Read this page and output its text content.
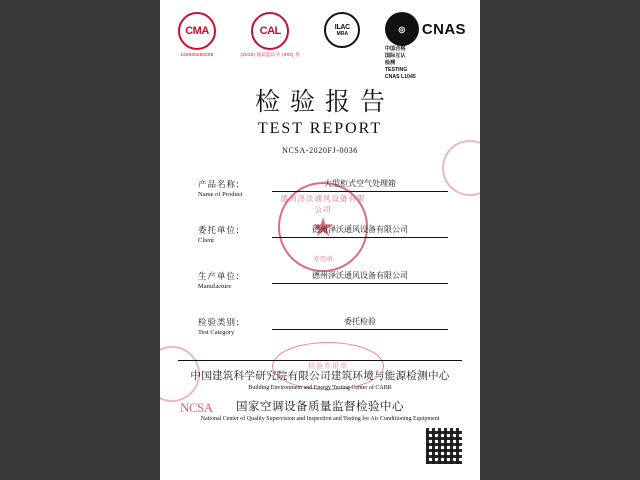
CMA
160008280285
CAL
(2018) 国认监认字 (083) 号
ILAC
MRA	◎	CNAS
中国合格
国际互认
检测
TESTING
CNAS L1045
检验报告
TEST REPORT
NCSA-2020FJ-0036
德州泽沃通风设备有限公司
★
专用章
产品名称:
Name of Product
大型柜式空气处理箱
委托单位:
Client
德州泽沃通风设备有限公司
生产单位:
Manufacture
德州泽沃通风设备有限公司
检验类别:
Test Category
委托检验
检验专用章
中国建筑科学研究院有限公司建筑环境与能源检测中心
Building Environment and Energy Testing Center of CABR
国家空调设备质量监督检验中心
National Center of Quality Supervision and Inspection and Testing for Air Conditioning Equipment
NCSA
